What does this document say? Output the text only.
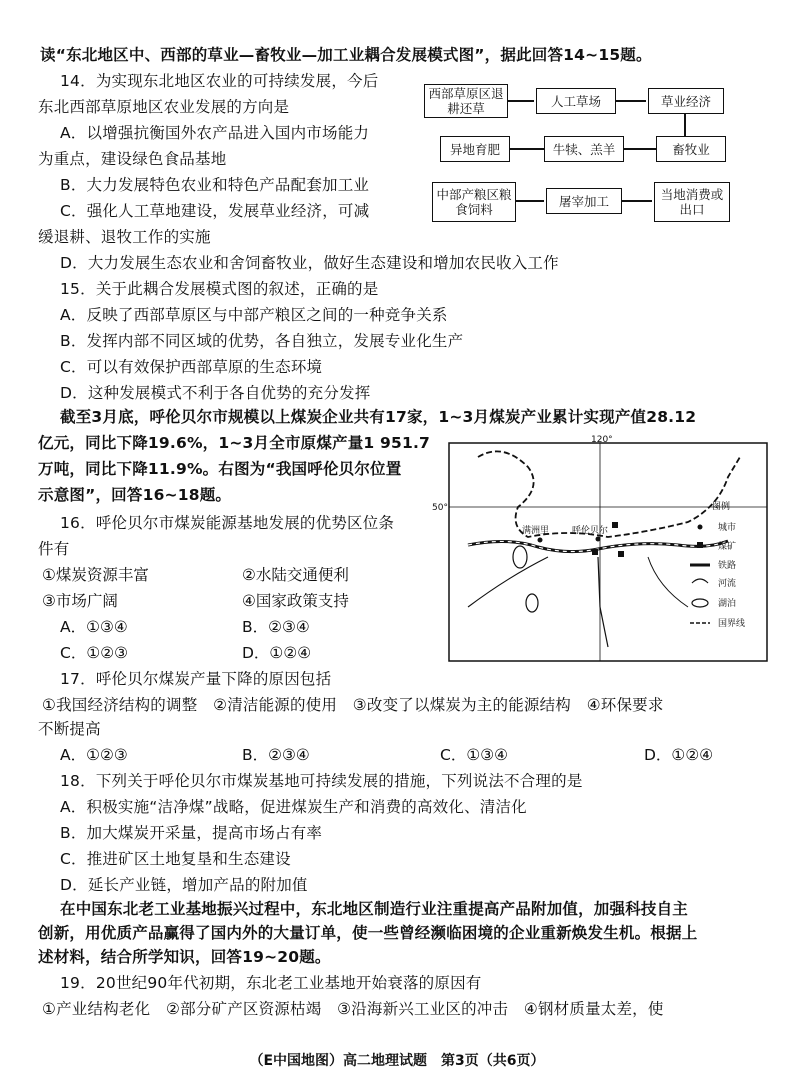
读“东北地区中、西部的草业—畜牧业—加工业耦合发展模式图”，据此回答14~15题。
14．为实现东北地区农业的可持续发展，今后
东北西部草原地区农业发展的方向是
A．以增强抗衡国外农产品进入国内市场能力
为重点，建设绿色食品基地
B．大力发展特色农业和特色产品配套加工业
C．强化人工草地建设，发展草业经济，可减
缓退耕、退牧工作的实施
D．大力发展生态农业和舍饲畜牧业，做好生态建设和增加农民收入工作
15．关于此耦合发展模式图的叙述，正确的是
A．反映了西部草原区与中部产粮区之间的一种竞争关系
B．发挥内部不同区域的优势，各自独立，发展专业化生产
C．可以有效保护西部草原的生态环境
D．这种发展模式不利于各自优势的充分发挥
截至3月底，呼伦贝尔市规模以上煤炭企业共有17家，1~3月煤炭产业累计实现产值28.12
亿元，同比下降19.6%，1~3月全市原煤产量1 951.7
万吨，同比下降11.9%。右图为“我国呼伦贝尔位置
示意图”，回答16~18题。
16．呼伦贝尔市煤炭能源基地发展的优势区位条
件有
①煤炭资源丰富	②水陆交通便利
③市场广阔	④国家政策支持
A．①③④	B．②③④
C．①②③	D．①②④
17．呼伦贝尔煤炭产量下降的原因包括
①我国经济结构的调整　②清洁能源的使用　③改变了以煤炭为主的能源结构　④环保要求
不断提高
A．①②③	B．②③④	C．①③④	D．①②④
18．下列关于呼伦贝尔市煤炭基地可持续发展的措施，下列说法不合理的是
A．积极实施“洁净煤”战略，促进煤炭生产和消费的高效化、清洁化
B．加大煤炭开采量，提高市场占有率
C．推进矿区土地复垦和生态建设
D．延长产业链，增加产品的附加值
在中国东北老工业基地振兴过程中，东北地区制造行业注重提高产品附加值，加强科技自主
创新，用优质产品赢得了国内外的大量订单，使一些曾经濒临困境的企业重新焕发生机。根据上
述材料，结合所学知识，回答19~20题。
19．20世纪90年代初期，东北老工业基地开始衰落的原因有
①产业结构老化　②部分矿产区资源枯竭　③沿海新兴工业区的冲击　④钢材质量太差，使
西部草原区退耕还草	人工草场	草业经济
畜牧业
牛犊、羔羊
异地育肥
中部产粮区粮食饲料
屠宰加工	当地消费或出口
120°
50°
满洲里	呼伦贝尔
图例
城市
煤矿
铁路
河流
湖泊
国界线
（E中国地图）高二地理试题　第3页（共6页）
